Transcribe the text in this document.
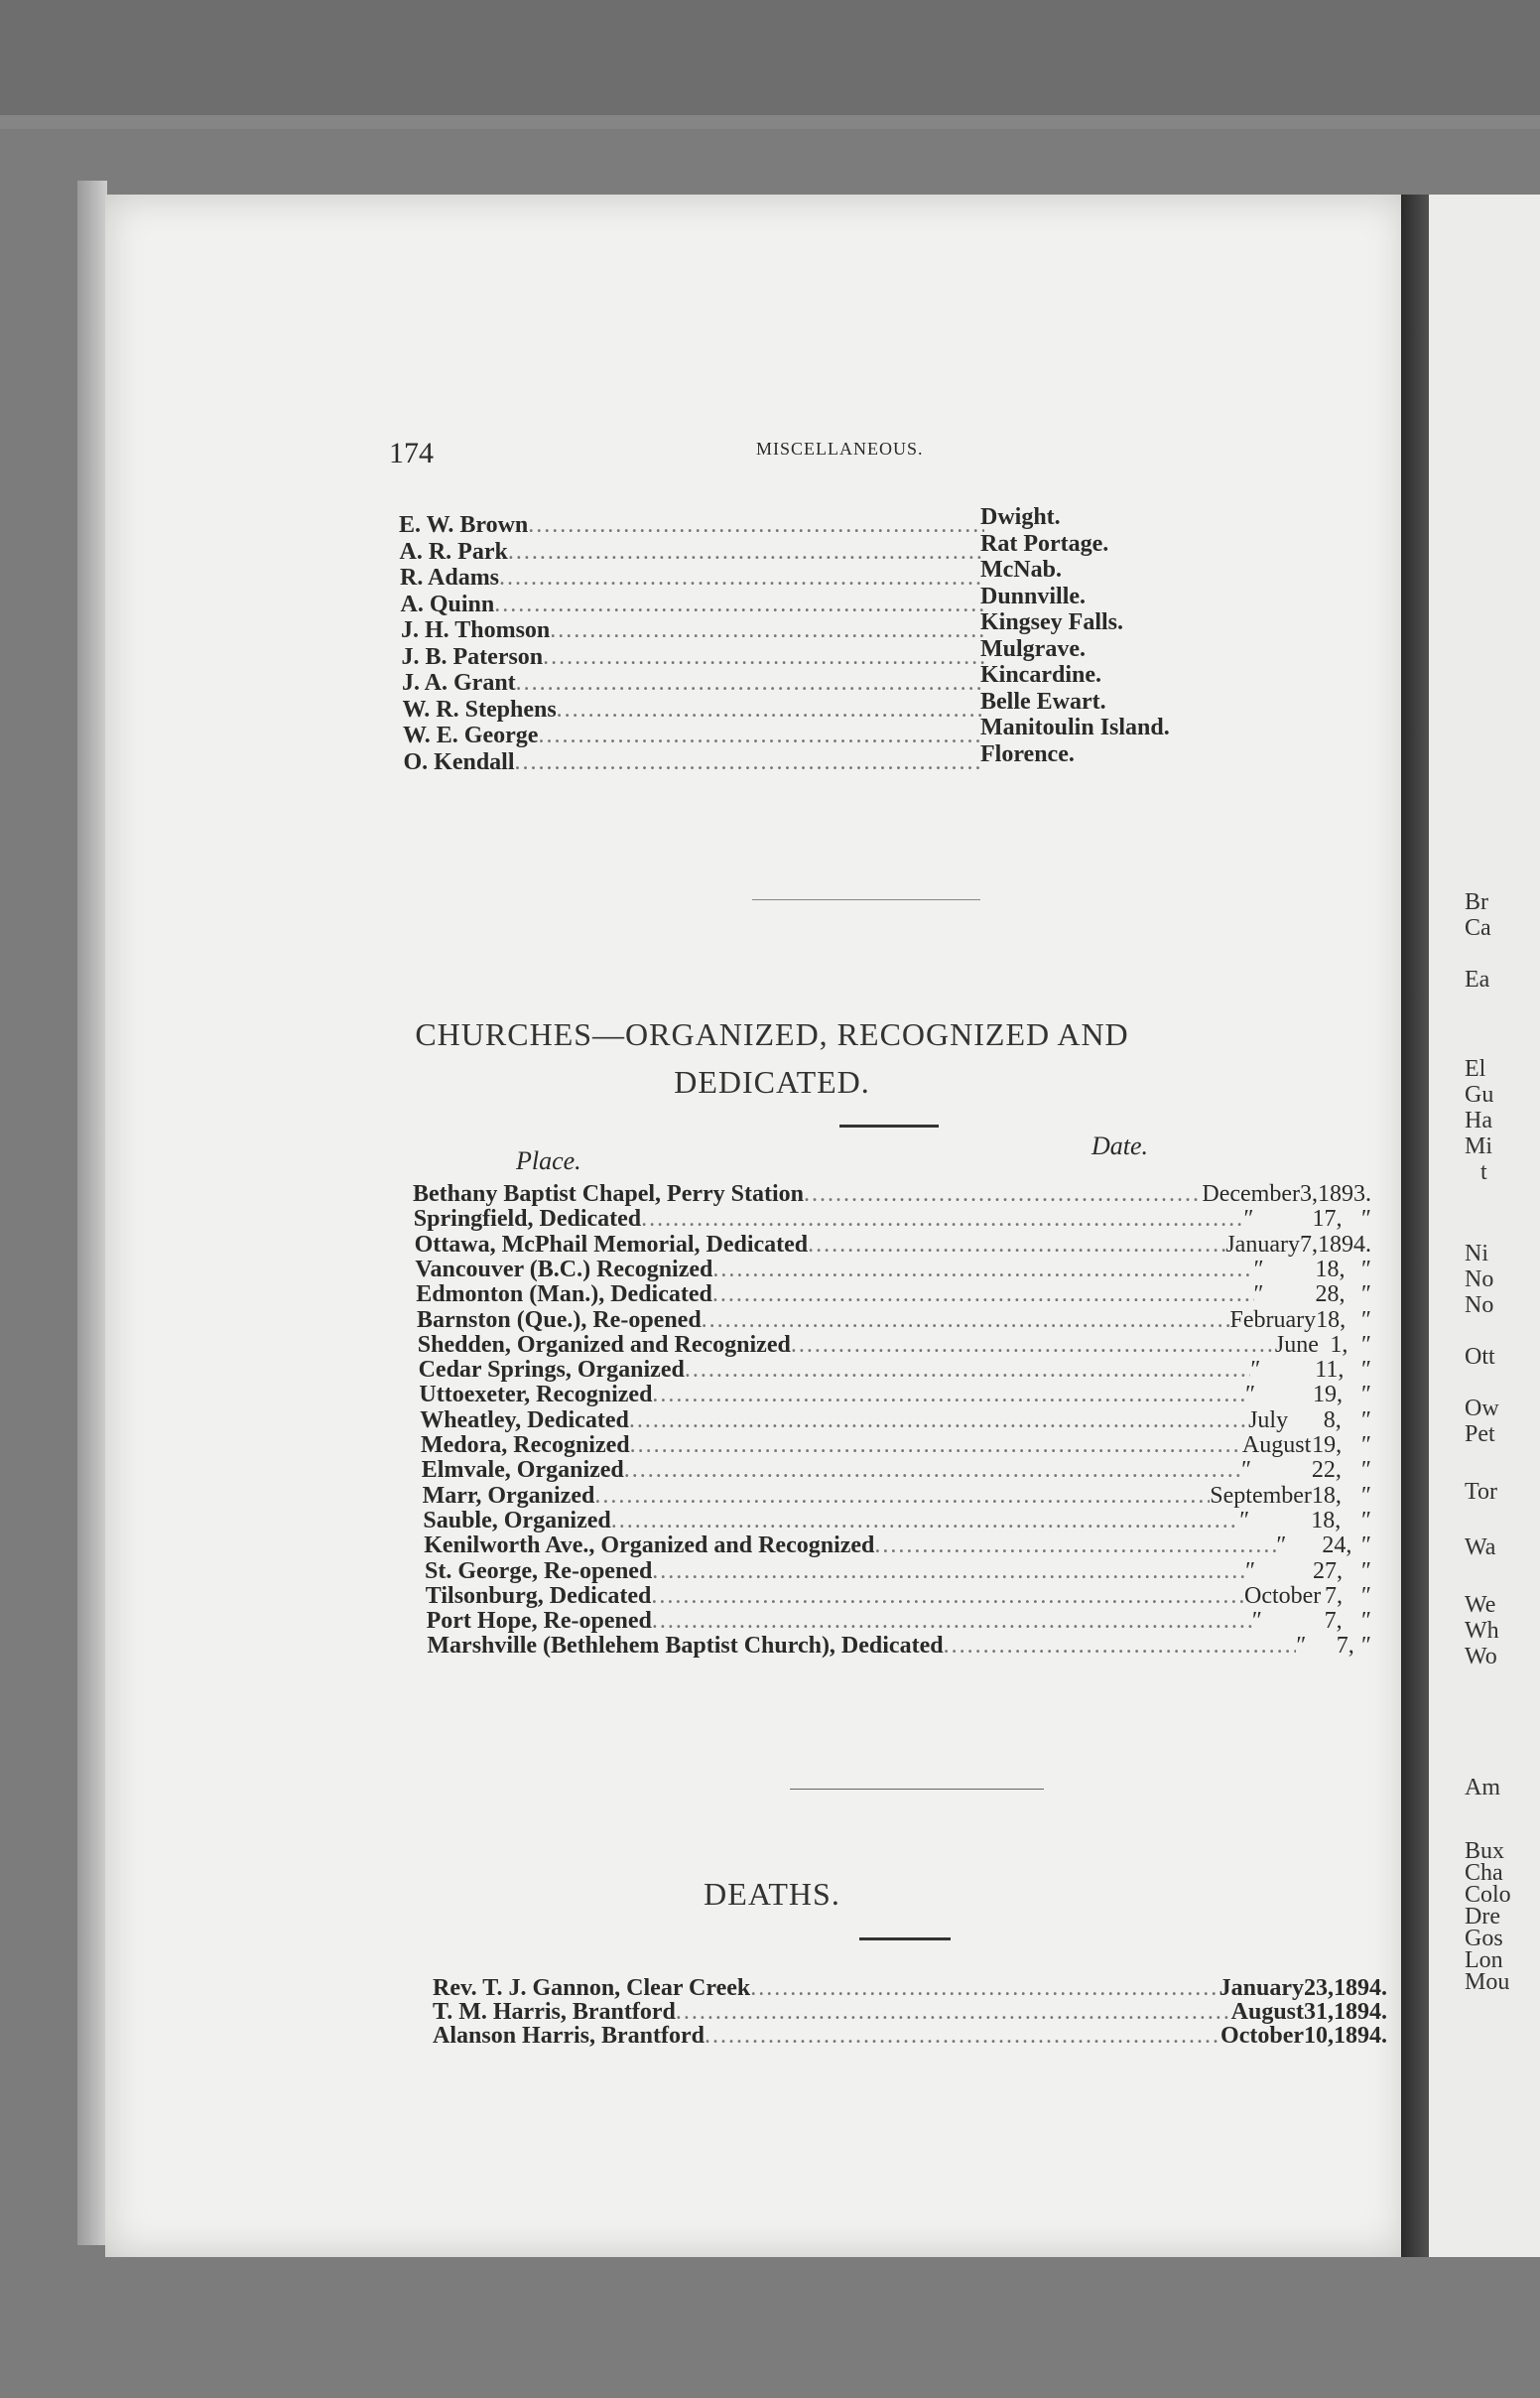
174	MISCELLANEOUS.
E. W. Brown .....	Dwight.
A. R. Park .....	Rat Portage.
R. Adams .....	McNab.
A. Quinn .....	Dunnville.
J. H. Thomson .....	Kingsey Falls.
J. B. Paterson .....	Mulgrave.
J. A. Grant .....	Kincardine.
W. R. Stephens .....	Belle Ewart.
W. E. George .....	Manitoulin Island.
O. Kendall .....	Florence.
CHURCHES—ORGANIZED, RECOGNIZED AND
DEDICATED.
Place.
Date.
Bethany Baptist Chapel, Perry Station .....	December 3, 1893.
Springfield, Dedicated .....	″	17, ″
Ottawa, McPhail Memorial, Dedicated .....	January 7, 1894.
Vancouver (B.C.) Recognized .....	″	18, ″
Edmonton (Man.), Dedicated .....	″	28, ″
Barnston (Que.), Re-opened .....	February 18, ″
Shedden, Organized and Recognized .....	June 1, ″
Cedar Springs, Organized .....	″	11, ″
Uttoexeter, Recognized .....	″	19, ″
Wheatley, Dedicated .....	July	8, ″
Medora, Recognized .....	August 19, ″
Elmvale, Organized .....	″	22, ″
Marr, Organized .....	September 18, ″
Sauble, Organized .....	″	18, ″
Kenilworth Ave., Organized and Recognized .....	″	24, ″
St. George, Re-opened .....	″	27, ″
Tilsonburg, Dedicated .....	October 7, ″
Port Hope, Re-opened .....	″	7, ″
Marshville (Bethlehem Baptist Church), Dedicated .....	″	7, ″
DEATHS.
Rev. T. J. Gannon, Clear Creek .....	January 23, 1894.
T. M. Harris, Brantford .....	August 31, 1894.
Alanson Harris, Brantford .....	October 10, 1894.
Br
Ca
Ea
El
Gu
Ha
Mi
t
Ni
No
No
Ott
Ow
Pet
Tor
Wa
We
Wh
Wo
Am
Bux
Cha
Colo
Dre
Gos
Lon
Mou
